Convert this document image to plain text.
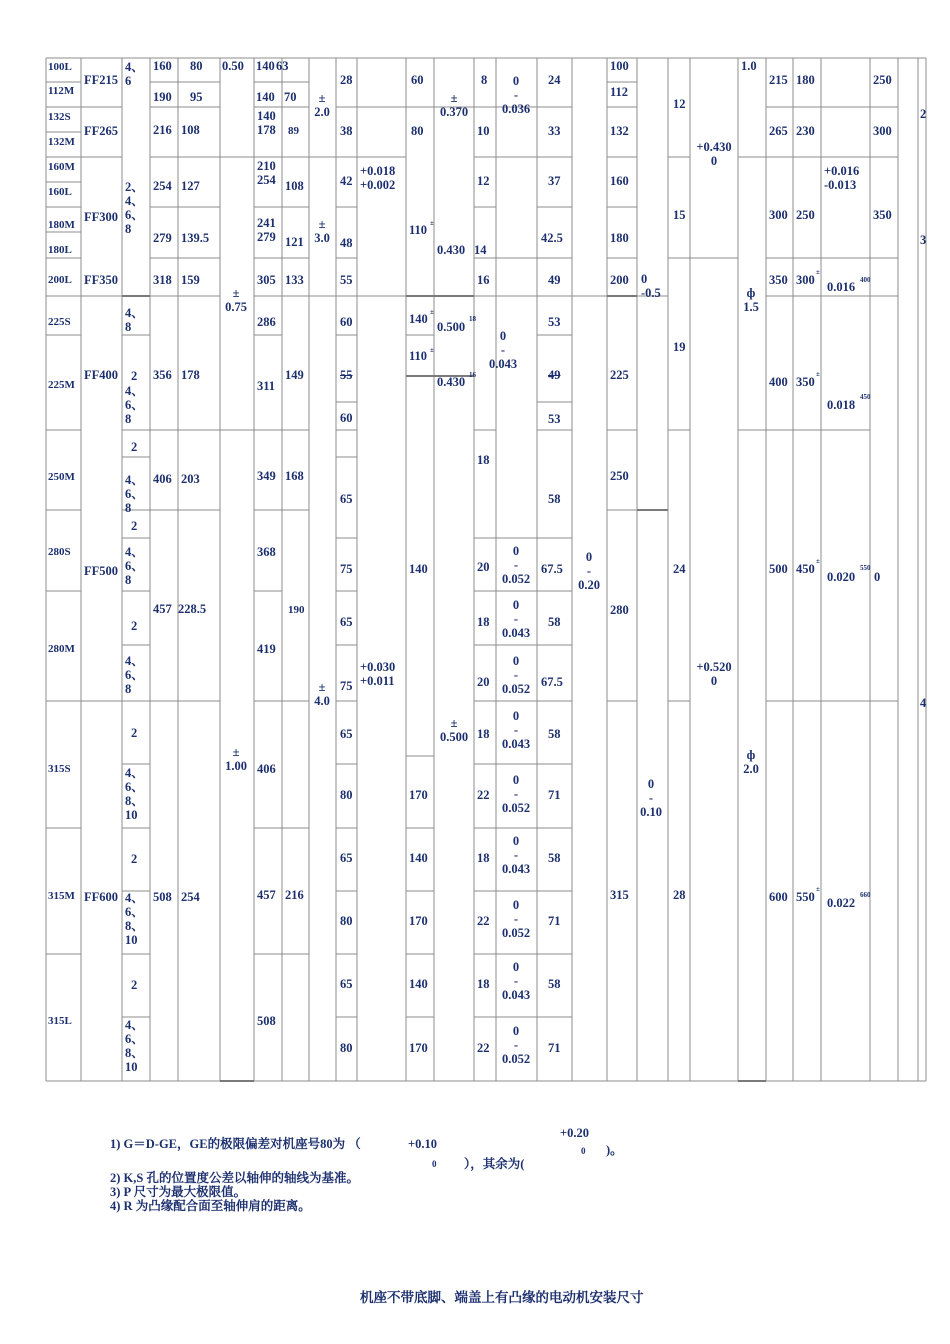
100L
112M
132S
132M
160M
160L
180M
180L
200L
225S
225M
250M
280S
280M
315S
315M
315L
FF215
FF265
FF300
FF350
FF400
FF500
FF600
4、
6
2、
4、
6、
8
4、
8
2
4、
6、
8
2
4、
6、
8
2
4、
6、
8
2
4、
6、
8
2
4、
6、
8、
10
2
4、
6、
8、
10
2
4、
6、
8、
10
160
190
216
254
279
318
356
406
457
508
80
95
108
127
139.5
159
178
203
228.5
254
0.50
±
0.75
±
1.00
140
140
140
178
210
254
241
279
305
286
311
349
368
419
406
457
508
63
70
89
108
121
133
149
168
190
216
±
2.0
±
3.0
±
4.0
28
38
42
48
55
60
55
60
65
75
65
75
65
80
65
80
65
80
+0.018
+0.002
+0.030
+0.011
60
80
110
140
110
140
170
140
170
170
140
±
±
±
18
16
±
0.370
0.430
0.500
0.430
±
0.500
8
10
12
14
16
18
20
18
20
18
22
18
22
18
22
0
-
0.036
0
-
0.043
0
-
0.052
0
-
0.043
0
-
0.052
0
-
0.043
0
-
0.052
0
-
0.043
0
-
0.052
0
-
0.043
0
-
0.052
24
33
37
42.5
49
53
49
53
58
67.5
58
67.5
58
71
58
71
58
71
0
-
0.20
100
112
132
160
180
200
225
250
280
315
0
-0.5
0
-
0.10
12
15
19
24
28
+0.430
0
+0.520
0
1.0
ф
1.5
ф
2.0
215
265
300
350
400
500
600
180
230
250
300
350
450
550
±
±
±
±
+0.016
-0.013
0.016
0.018
0.020 0
0.022
400
450
550
660
250
300
350
2
3
4
1) G＝D-GE，GE的极限偏差对机座号80为 （	+0.10
0 ），其余为(
+0.20
0 )。
2) K,S 孔的位置度公差以轴伸的轴线为基准。
3) P 尺寸为最大极限值。
4) R 为凸缘配合面至轴伸肩的距离。
机座不带底脚、端盖上有凸缘的电动机安装尺寸
